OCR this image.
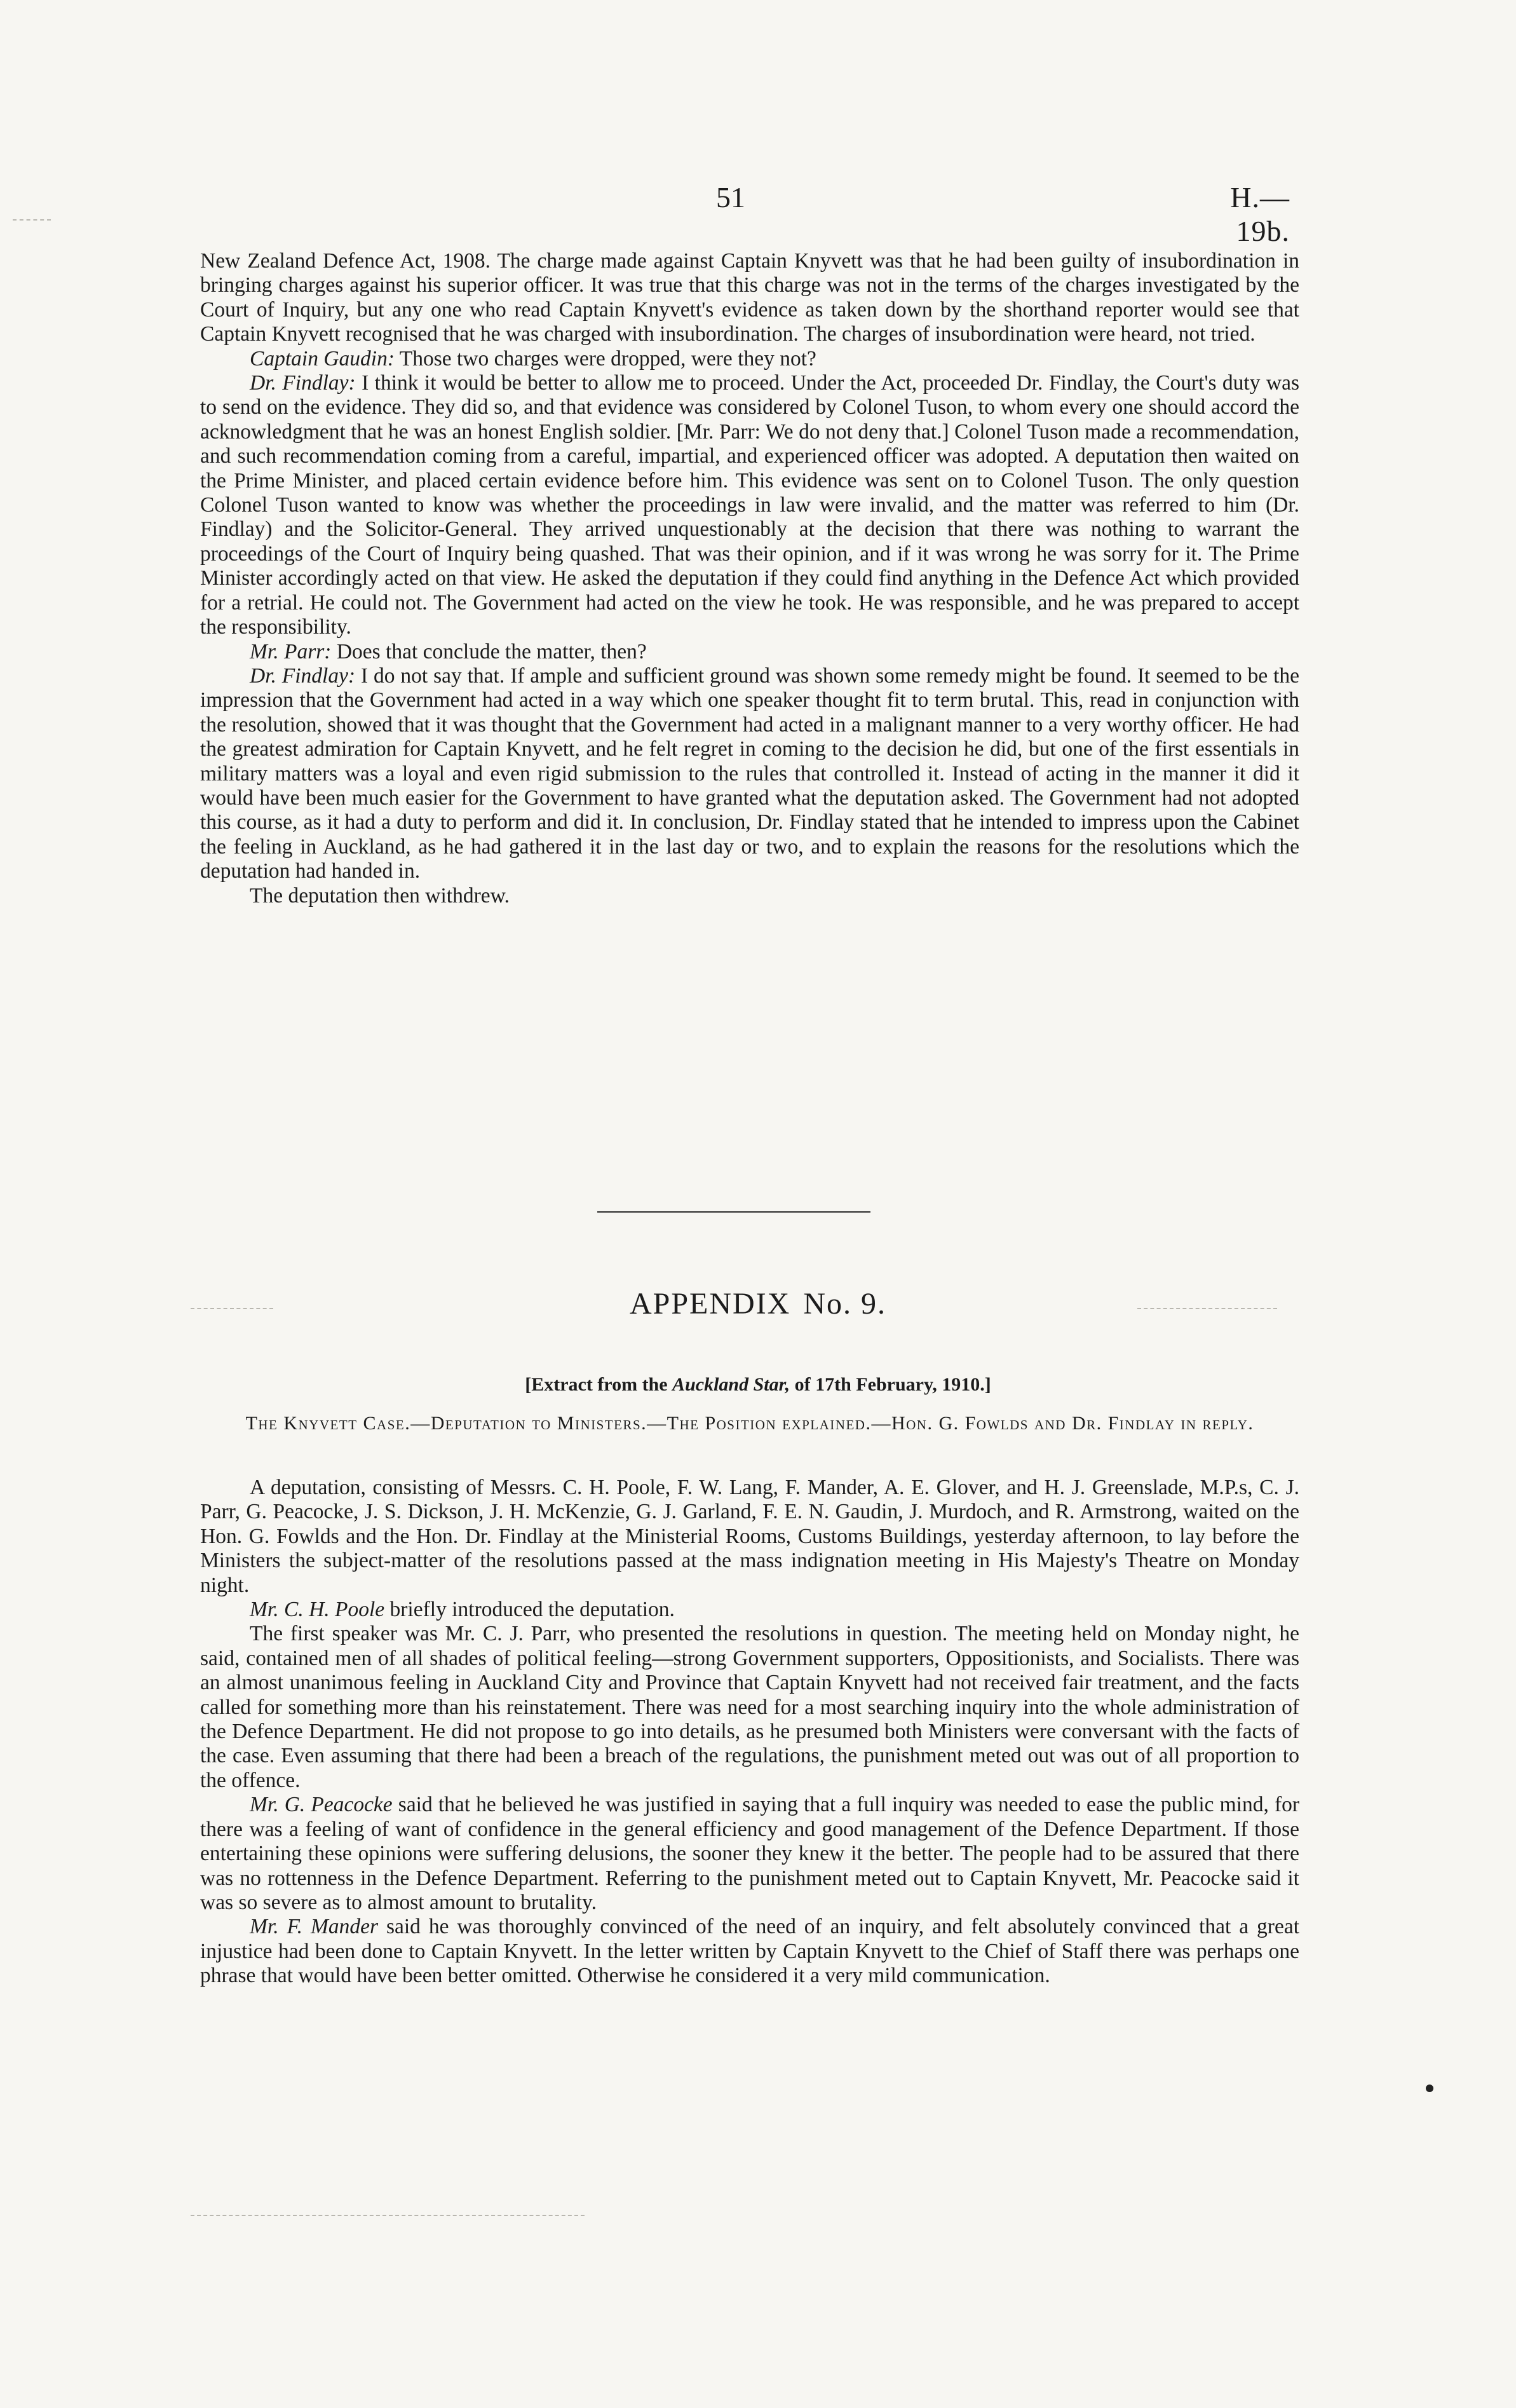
51	H.—19b.

New Zealand Defence Act, 1908. The charge made against Captain Knyvett was that he had been guilty of insubordination in bringing charges against his superior officer. It was true that this charge was not in the terms of the charges investigated by the Court of Inquiry, but any one who read Captain Knyvett's evidence as taken down by the shorthand reporter would see that Captain Knyvett recognised that he was charged with insubordination. The charges of insubordination were heard, not tried.

Captain Gaudin: Those two charges were dropped, were they not?

Dr. Findlay: I think it would be better to allow me to proceed. Under the Act, proceeded Dr. Findlay, the Court's duty was to send on the evidence. They did so, and that evidence was considered by Colonel Tuson, to whom every one should accord the acknowledgment that he was an honest English soldier. [Mr. Parr: We do not deny that.] Colonel Tuson made a recommendation, and such recommendation coming from a careful, impartial, and experienced officer was adopted. A deputation then waited on the Prime Minister, and placed certain evidence before him. This evidence was sent on to Colonel Tuson. The only question Colonel Tuson wanted to know was whether the proceedings in law were invalid, and the matter was referred to him (Dr. Findlay) and the Solicitor-General. They arrived unquestionably at the decision that there was nothing to warrant the proceedings of the Court of Inquiry being quashed. That was their opinion, and if it was wrong he was sorry for it. The Prime Minister accordingly acted on that view. He asked the deputation if they could find anything in the Defence Act which provided for a retrial. He could not. The Government had acted on the view he took. He was responsible, and he was prepared to accept the responsibility.

Mr. Parr: Does that conclude the matter, then?

Dr. Findlay: I do not say that. If ample and sufficient ground was shown some remedy might be found. It seemed to be the impression that the Government had acted in a way which one speaker thought fit to term brutal. This, read in conjunction with the resolution, showed that it was thought that the Government had acted in a malignant manner to a very worthy officer. He had the greatest admiration for Captain Knyvett, and he felt regret in coming to the decision he did, but one of the first essentials in military matters was a loyal and even rigid submission to the rules that controlled it. Instead of acting in the manner it did it would have been much easier for the Government to have granted what the deputation asked. The Government had not adopted this course, as it had a duty to perform and did it. In conclusion, Dr. Findlay stated that he intended to impress upon the Cabinet the feeling in Auckland, as he had gathered it in the last day or two, and to explain the reasons for the resolutions which the deputation had handed in.

The deputation then withdrew.

APPENDIX No. 9.
[Extract from the Auckland Star, of 17th February, 1910.]
The Knyvett Case.—Deputation to Ministers.—The Position explained.—Hon. G. Fowlds and Dr. Findlay in reply.

A deputation, consisting of Messrs. C. H. Poole, F. W. Lang, F. Mander, A. E. Glover, and H. J. Greenslade, M.P.s, C. J. Parr, G. Peacocke, J. S. Dickson, J. H. McKenzie, G. J. Garland, F. E. N. Gaudin, J. Murdoch, and R. Armstrong, waited on the Hon. G. Fowlds and the Hon. Dr. Findlay at the Ministerial Rooms, Customs Buildings, yesterday afternoon, to lay before the Ministers the subject-matter of the resolutions passed at the mass indignation meeting in His Majesty's Theatre on Monday night.

Mr. C. H. Poole briefly introduced the deputation.

The first speaker was Mr. C. J. Parr, who presented the resolutions in question. The meeting held on Monday night, he said, contained men of all shades of political feeling—strong Government supporters, Oppositionists, and Socialists. There was an almost unanimous feeling in Auckland City and Province that Captain Knyvett had not received fair treatment, and the facts called for something more than his reinstatement. There was need for a most searching inquiry into the whole administration of the Defence Department. He did not propose to go into details, as he presumed both Ministers were conversant with the facts of the case. Even assuming that there had been a breach of the regulations, the punishment meted out was out of all proportion to the offence.

Mr. G. Peacocke said that he believed he was justified in saying that a full inquiry was needed to ease the public mind, for there was a feeling of want of confidence in the general efficiency and good management of the Defence Department. If those entertaining these opinions were suffering delusions, the sooner they knew it the better. The people had to be assured that there was no rottenness in the Defence Department. Referring to the punishment meted out to Captain Knyvett, Mr. Peacocke said it was so severe as to almost amount to brutality.

Mr. F. Mander said he was thoroughly convinced of the need of an inquiry, and felt absolutely convinced that a great injustice had been done to Captain Knyvett. In the letter written by Captain Knyvett to the Chief of Staff there was perhaps one phrase that would have been better omitted. Otherwise he considered it a very mild communication.
